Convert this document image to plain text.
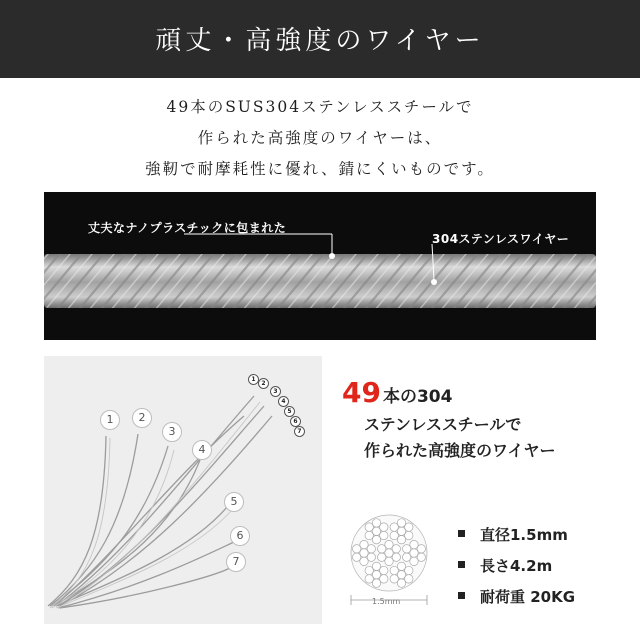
頑丈・高強度のワイヤー
49本のSUS304ステンレススチールで
作られた高強度のワイヤーは、
強靭で耐摩耗性に優れ、錆にくいものです。
丈夫なナノプラスチックに包まれた
304ステンレスワイヤー
1	2
3
4
5
6
7
1
2
3
4
5
6
7
49 本の304
ステンレススチールで
作られた高強度のワイヤー
1.5mm
直径1.5mm
長さ4.2m
耐荷重 20KG
